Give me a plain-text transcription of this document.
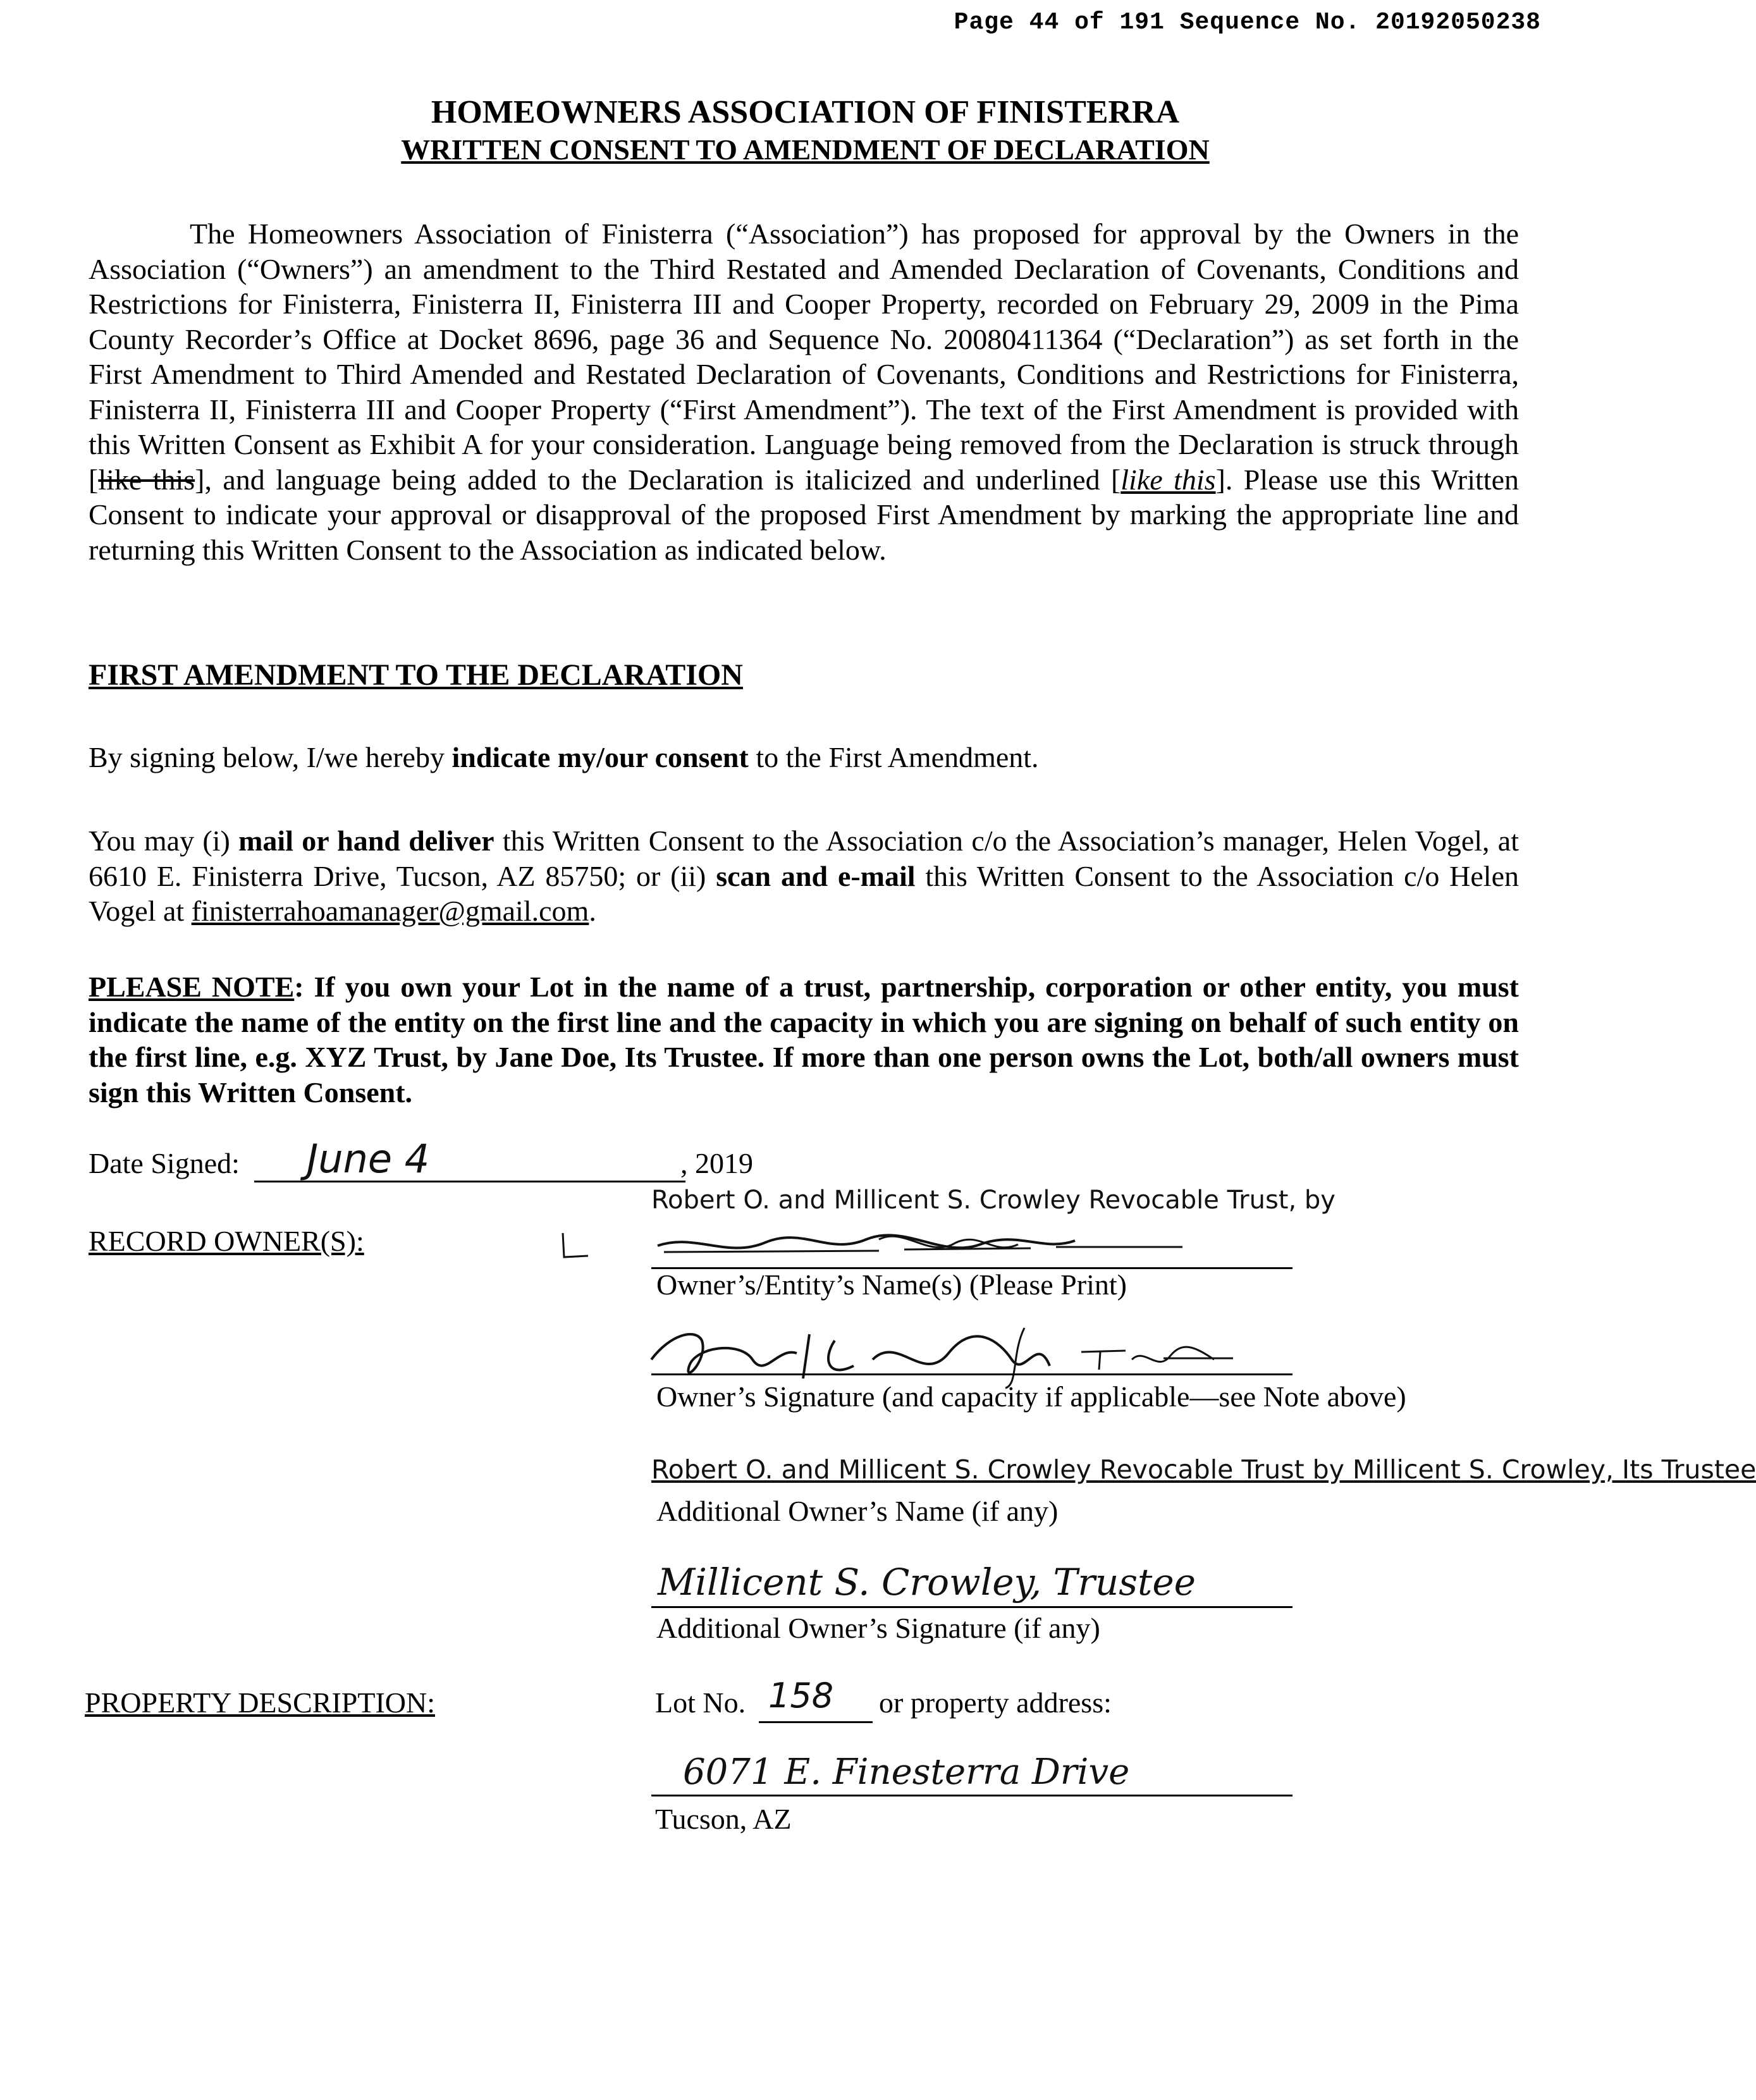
Page 44 of 191 Sequence No. 20192050238
HOMEOWNERS ASSOCIATION OF FINISTERRA
WRITTEN CONSENT TO AMENDMENT OF DECLARATION

The Homeowners Association of Finisterra (“Association”) has proposed for approval by the Owners in the Association (“Owners”) an amendment to the Third Restated and Amended Declaration of Covenants, Conditions and Restrictions for Finisterra, Finisterra II, Finisterra III and Cooper Property, recorded on February 29, 2009 in the Pima County Recorder’s Office at Docket 8696, page 36 and Sequence No. 20080411364 (“Declaration”) as set forth in the First Amendment to Third Amended and Restated Declaration of Covenants, Conditions and Restrictions for Finisterra, Finisterra II, Finisterra III and Cooper Property (“First Amendment”). The text of the First Amendment is provided with this Written Consent as Exhibit A for your consideration. Language being removed from the Declaration is struck through [like this], and language being added to the Declaration is italicized and underlined [like this]. Please use this Written Consent to indicate your approval or disapproval of the proposed First Amendment by marking the appropriate line and returning this Written Consent to the Association as indicated below.

FIRST AMENDMENT TO THE DECLARATION

By signing below, I/we hereby indicate my/our consent to the First Amendment.

You may (i) mail or hand deliver this Written Consent to the Association c/o the Association’s manager, Helen Vogel, at 6610 E. Finisterra Drive, Tucson, AZ 85750; or (ii) scan and e-mail this Written Consent to the Association c/o Helen Vogel at finisterrahoamanager@gmail.com.

PLEASE NOTE: If you own your Lot in the name of a trust, partnership, corporation or other entity, you must indicate the name of the entity on the first line and the capacity in which you are signing on behalf of such entity on the first line, e.g. XYZ Trust, by Jane Doe, Its Trustee. If more than one person owns the Lot, both/all owners must sign this Written Consent.

Date Signed: June 4	, 2019
RECORD OWNER(S):
Robert O. and Millicent S. Crowley Revocable Trust, by
Owner’s/Entity’s Name(s) (Please Print)
Owner’s Signature (and capacity if applicable—see Note above)
Robert O. and Millicent S. Crowley Revocable Trust by Millicent S. Crowley, Its Trustee
Additional Owner’s Name (if any)
Millicent S. Crowley, Trustee
Additional Owner’s Signature (if any)
PROPERTY DESCRIPTION:	Lot No. 158 or property address:
6071 E. Finesterra Drive
Tucson, AZ
